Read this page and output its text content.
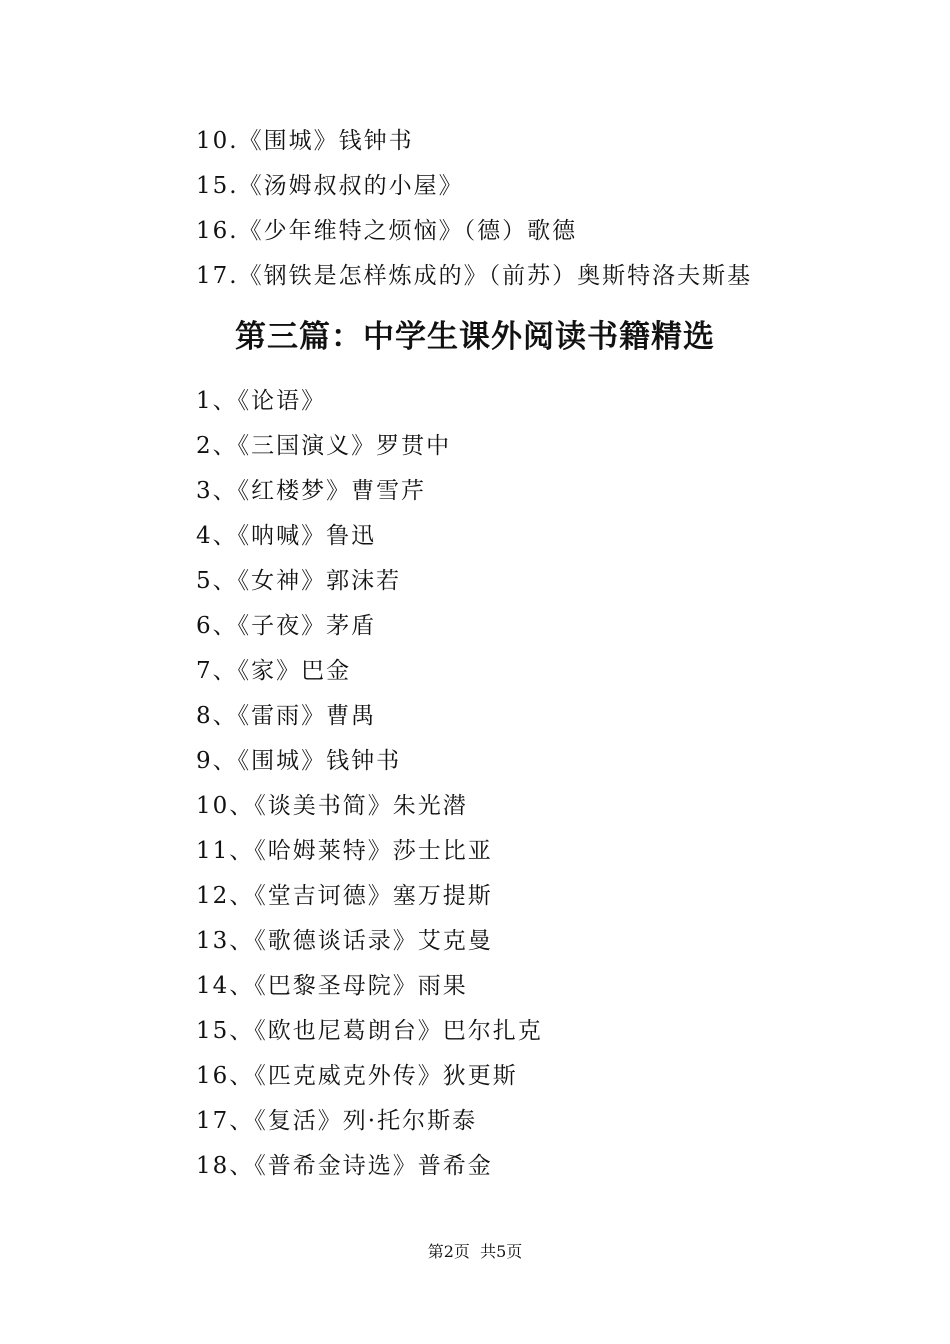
10.《围城》钱钟书
15.《汤姆叔叔的小屋》
16.《少年维特之烦恼》（德）歌德
17.《钢铁是怎样炼成的》（前苏）奥斯特洛夫斯基
第三篇：中学生课外阅读书籍精选
1、《论语》
2、《三国演义》罗贯中
3、《红楼梦》曹雪芹
4、《呐喊》鲁迅
5、《女神》郭沫若
6、《子夜》茅盾
7、《家》巴金
8、《雷雨》曹禺
9、《围城》钱钟书
10、《谈美书简》朱光潜
11、《哈姆莱特》莎士比亚
12、《堂吉诃德》塞万提斯
13、《歌德谈话录》艾克曼
14、《巴黎圣母院》雨果
15、《欧也尼葛朗台》巴尔扎克
16、《匹克威克外传》狄更斯
17、《复活》列·托尔斯泰
18、《普希金诗选》普希金
第2页 共5页
